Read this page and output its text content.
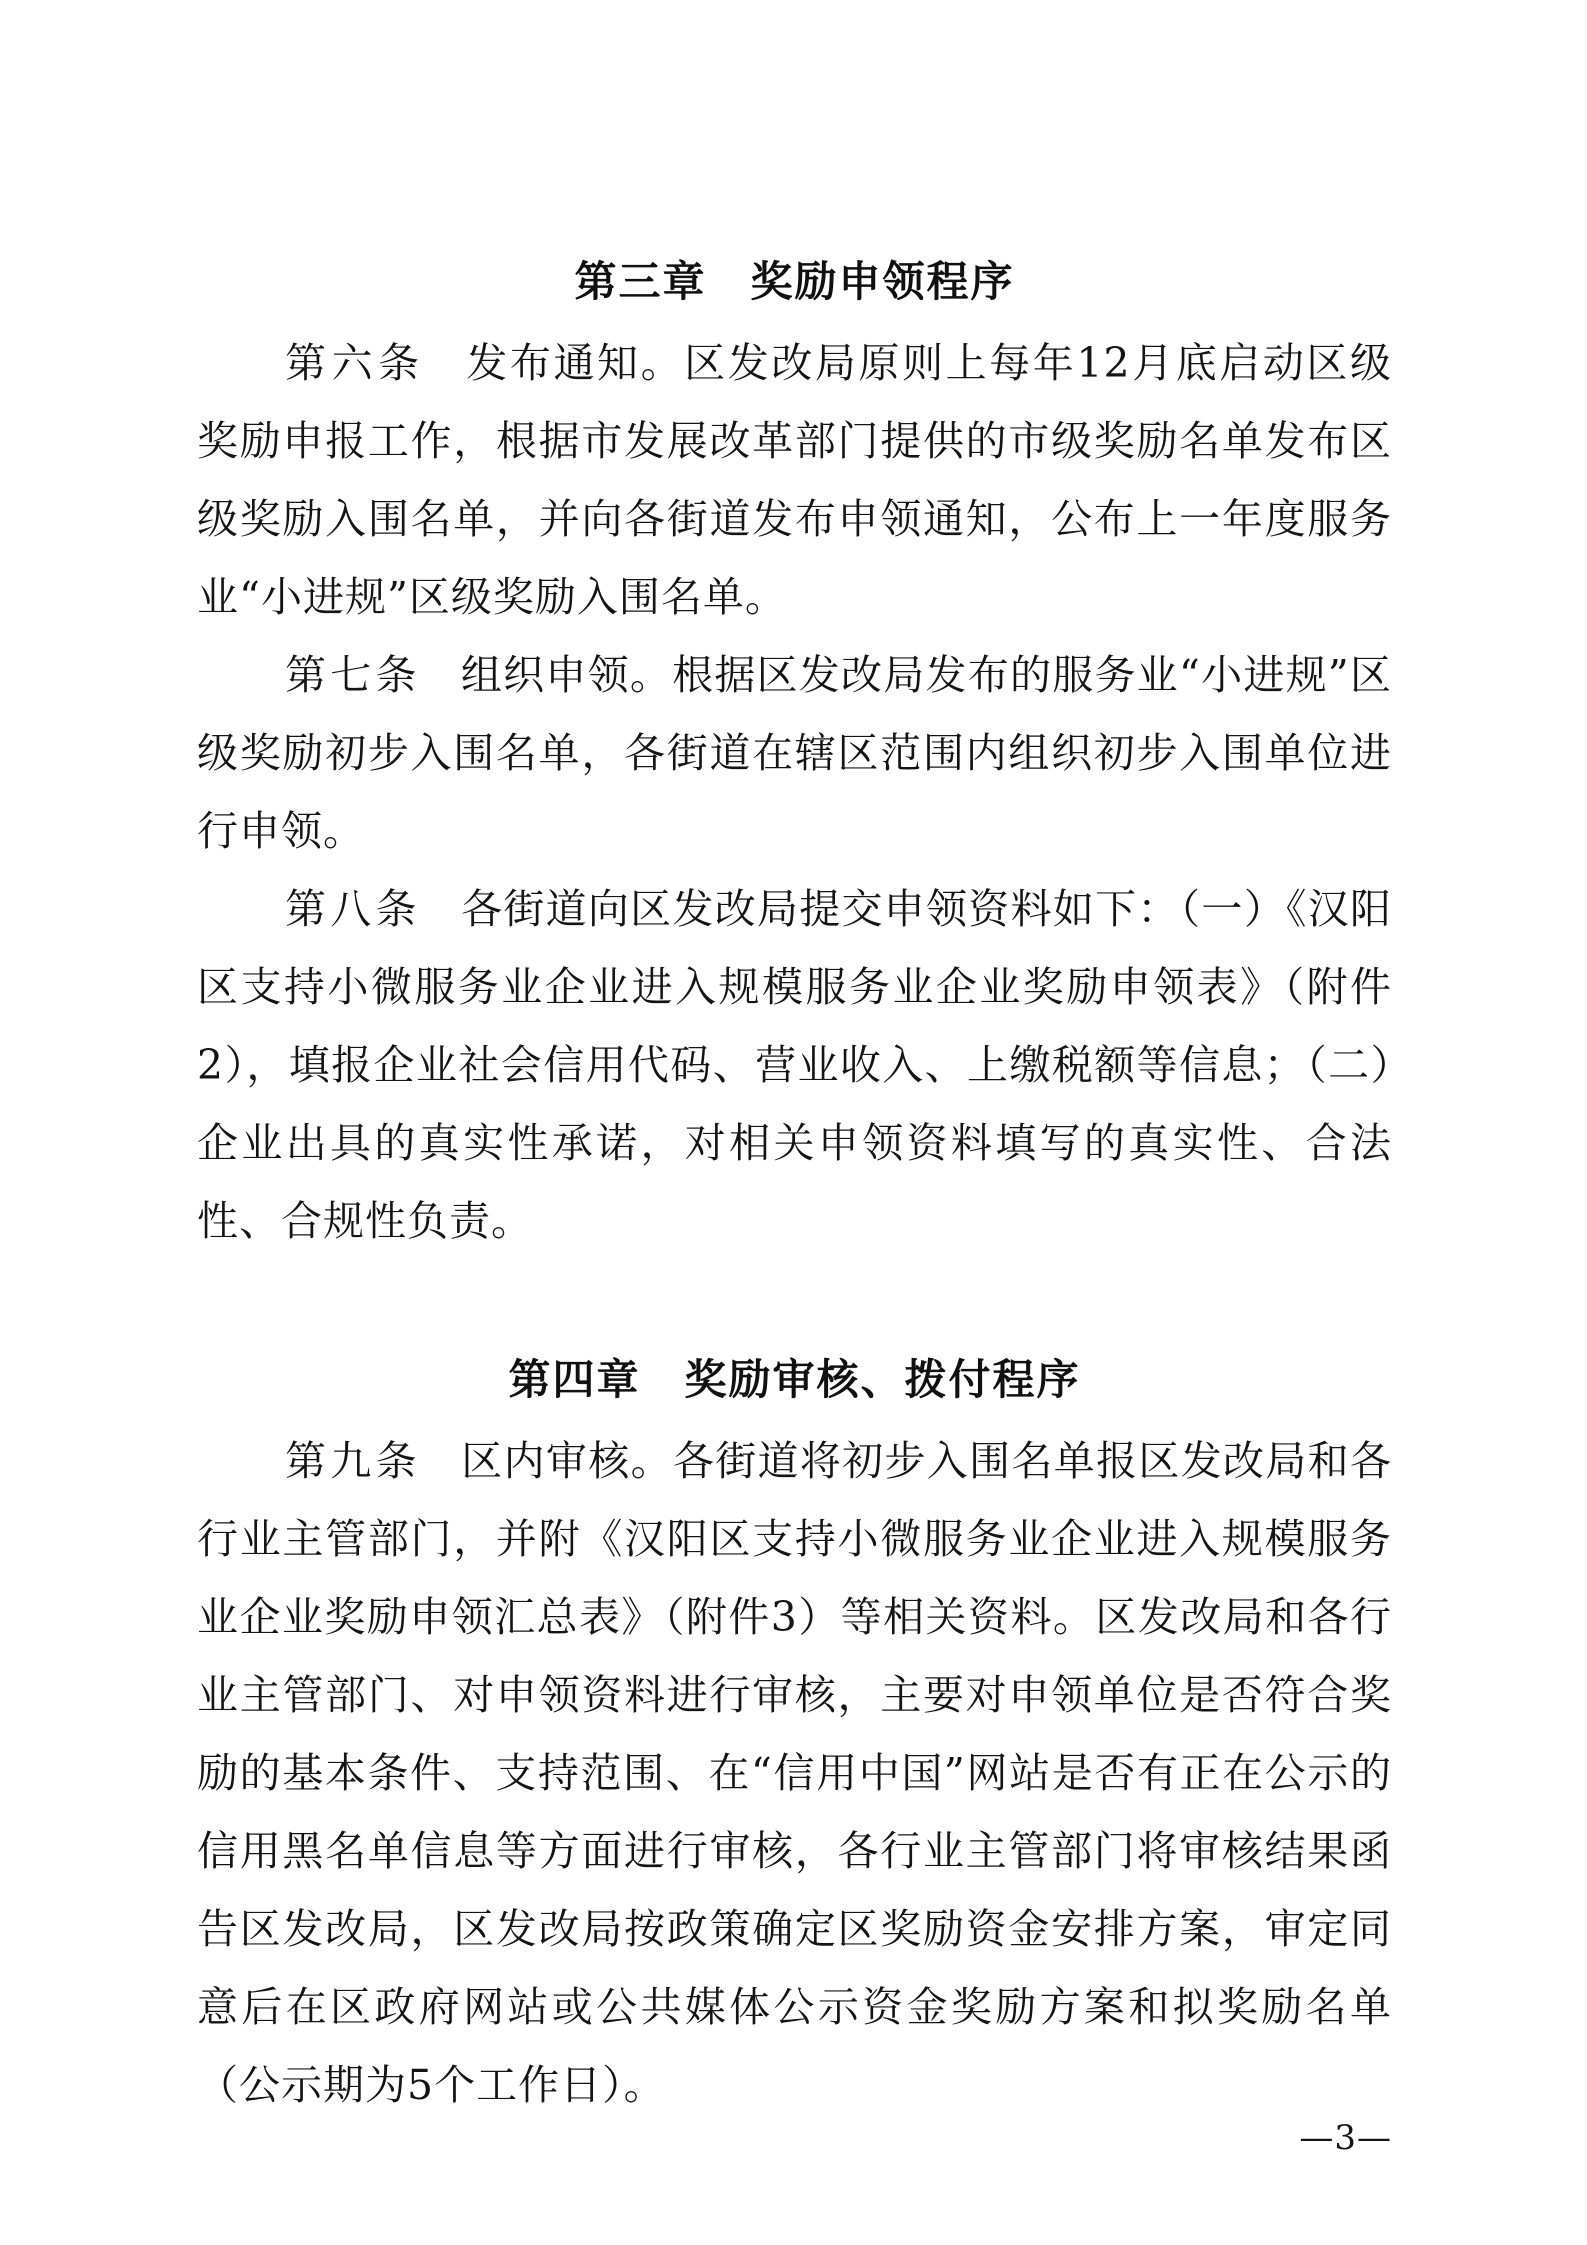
第三章 奖励申领程序

第六条 发布通知。区发改局原则上每年12月底启动区级奖励申报工作，根据市发展改革部门提供的市级奖励名单发布区级奖励入围名单，并向各街道发布申领通知，公布上一年度服务业“小进规”区级奖励入围名单。

第七条 组织申领。根据区发改局发布的服务业“小进规”区级奖励初步入围名单，各街道在辖区范围内组织初步入围单位进行申领。

第八条 各街道向区发改局提交申领资料如下：（一）《汉阳区支持小微服务业企业进入规模服务业企业奖励申领表》（附件2），填报企业社会信用代码、营业收入、上缴税额等信息；（二）企业出具的真实性承诺，对相关申领资料填写的真实性、合法性、合规性负责。

第四章 奖励审核、拨付程序

第九条 区内审核。各街道将初步入围名单报区发改局和各行业主管部门，并附《汉阳区支持小微服务业企业进入规模服务业企业奖励申领汇总表》（附件3）等相关资料。区发改局和各行业主管部门、对申领资料进行审核，主要对申领单位是否符合奖励的基本条件、支持范围、在“信用中国”网站是否有正在公示的信用黑名单信息等方面进行审核，各行业主管部门将审核结果函告区发改局，区发改局按政策确定区奖励资金安排方案，审定同意后在区政府网站或公共媒体公示资金奖励方案和拟奖励名单（公示期为5个工作日）。

—3—
